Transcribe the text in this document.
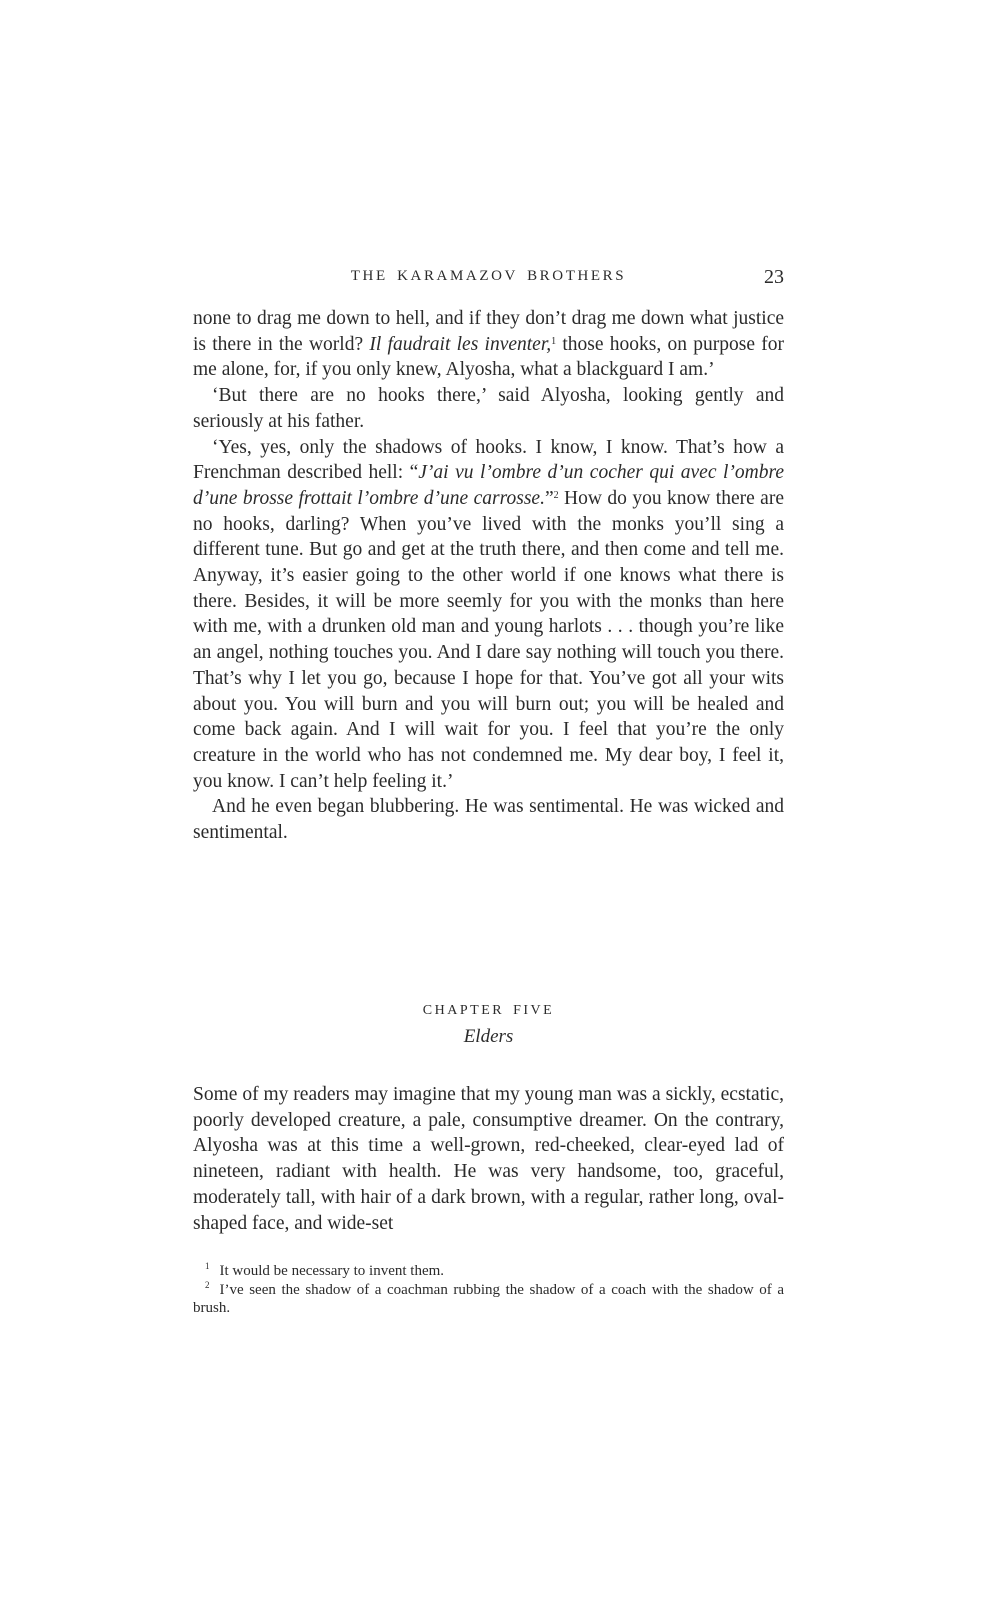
THE KARAMAZOV BROTHERS	23

none to drag me down to hell, and if they don’t drag me down what justice is there in the world? Il faudrait les inventer,$^1$ those hooks, on purpose for me alone, for, if you only knew, Alyosha, what a blackguard I am.’

‘But there are no hooks there,’ said Alyosha, looking gently and seriously at his father.

‘Yes, yes, only the shadows of hooks. I know, I know. That’s how a Frenchman described hell: “J’ai vu l’ombre d’un cocher qui avec l’ombre d’une brosse frottait l’ombre d’une carrosse.”$^2$ How do you know there are no hooks, darling? When you’ve lived with the monks you’ll sing a different tune. But go and get at the truth there, and then come and tell me. Anyway, it’s easier going to the other world if one knows what there is there. Besides, it will be more seemly for you with the monks than here with me, with a drunken old man and young harlots . . . though you’re like an angel, nothing touches you. And I dare say nothing will touch you there. That’s why I let you go, because I hope for that. You’ve got all your wits about you. You will burn and you will burn out; you will be healed and come back again. And I will wait for you. I feel that you’re the only creature in the world who has not condemned me. My dear boy, I feel it, you know. I can’t help feeling it.’

And he even began blubbering. He was sentimental. He was wicked and sentimental.

CHAPTER FIVE
Elders

Some of my readers may imagine that my young man was a sickly, ecstatic, poorly developed creature, a pale, consumptive dreamer. On the contrary, Alyosha was at this time a well-grown, red-cheeked, clear-eyed lad of nineteen, radiant with health. He was very handsome, too, graceful, moderately tall, with hair of a dark brown, with a regular, rather long, oval-shaped face, and wide-set

$^1$ It would be necessary to invent them.

$^2$ I’ve seen the shadow of a coachman rubbing the shadow of a coach with the shadow of a brush.
